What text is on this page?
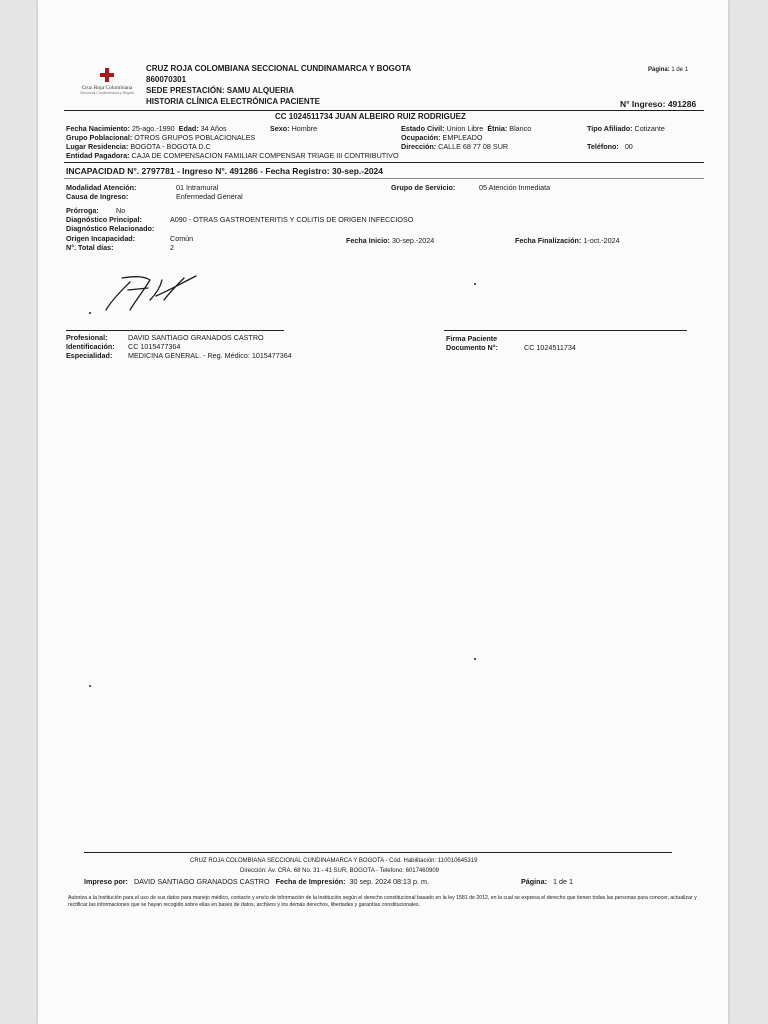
Cruz Roja Colombiana
Seccional Cundinamarca y Bogotá
CRUZ ROJA COLOMBIANA SECCIONAL CUNDINAMARCA Y BOGOTA
860070301
SEDE PRESTACIÓN: SAMU ALQUERIA
HISTORIA CLÍNICA ELECTRÓNICA PACIENTE
Página: 1 de 1
N° Ingreso: 491286
CC 1024511734 JUAN ALBEIRO RUIZ RODRIGUEZ
Fecha Nacimiento: 25-ago.-1990 Edad: 34 Años	Sexo: Hombre	Estado Civil: Union Libre Étnia: Blanco	Tipo Afiliado: Cotizante
Grupo Poblacional: OTROS GRUPOS POBLACIONALES	Ocupación: EMPLEADO
Lugar Residencia: BOGOTA - BOGOTA D.C	Dirección: CALLE 68 77 08 SUR	Teléfono: 00
Entidad Pagadora: CAJA DE COMPENSACION FAMILIAR COMPENSAR TRIAGE III CONTRIBUTIVO
INCAPACIDAD N°. 2797781 - Ingreso N°. 491286 - Fecha Registro: 30-sep.-2024
Modalidad Atención:	01 Intramural	Grupo de Servicio:	05 Atención Inmediata
Causa de Ingreso:	Enfermedad General
Prórroga: No
Diagnóstico Principal:	A090 - OTRAS GASTROENTERITIS Y COLITIS DE ORIGEN INFECCIOSO
Diagnóstico Relacionado:
Origen Incapacidad:	Común	Fecha Inicio: 30-sep.-2024	Fecha Finalización: 1-oct.-2024
N°. Total días:	2
Profesional:	DAVID SANTIAGO GRANADOS CASTRO
Identificación: CC 1015477364
Especialidad: MEDICINA GENERAL. - Reg. Médico: 1015477364
Firma Paciente
Documento N°:	CC 1024511734
CRUZ ROJA COLOMBIANA SECCIONAL CUNDINAMARCA Y BOGOTA - Cód. Habilitación: 110010645319
Dirección: Av. CRA. 68 No. 31 - 41 SUR, BOGOTA - Telefono: 6017460909
Impreso por: DAVID SANTIAGO GRANADOS CASTRO Fecha de Impresión: 30 sep. 2024 08:13 p. m.	Página: 1 de 1
Autoriza a la Institución para el uso de sus datos para manejo médico, contacto y envío de información de la institución según el derecho constitucional basado en la ley 1581 de 2012, en la cual se expresa el derecho que tienen todas las personas para conocer, actualizar y rectificar las informaciones que se hayan recogido sobre ellas en bases de datos, archivos y los demás derechos, libertades y garantías constitucionales.
